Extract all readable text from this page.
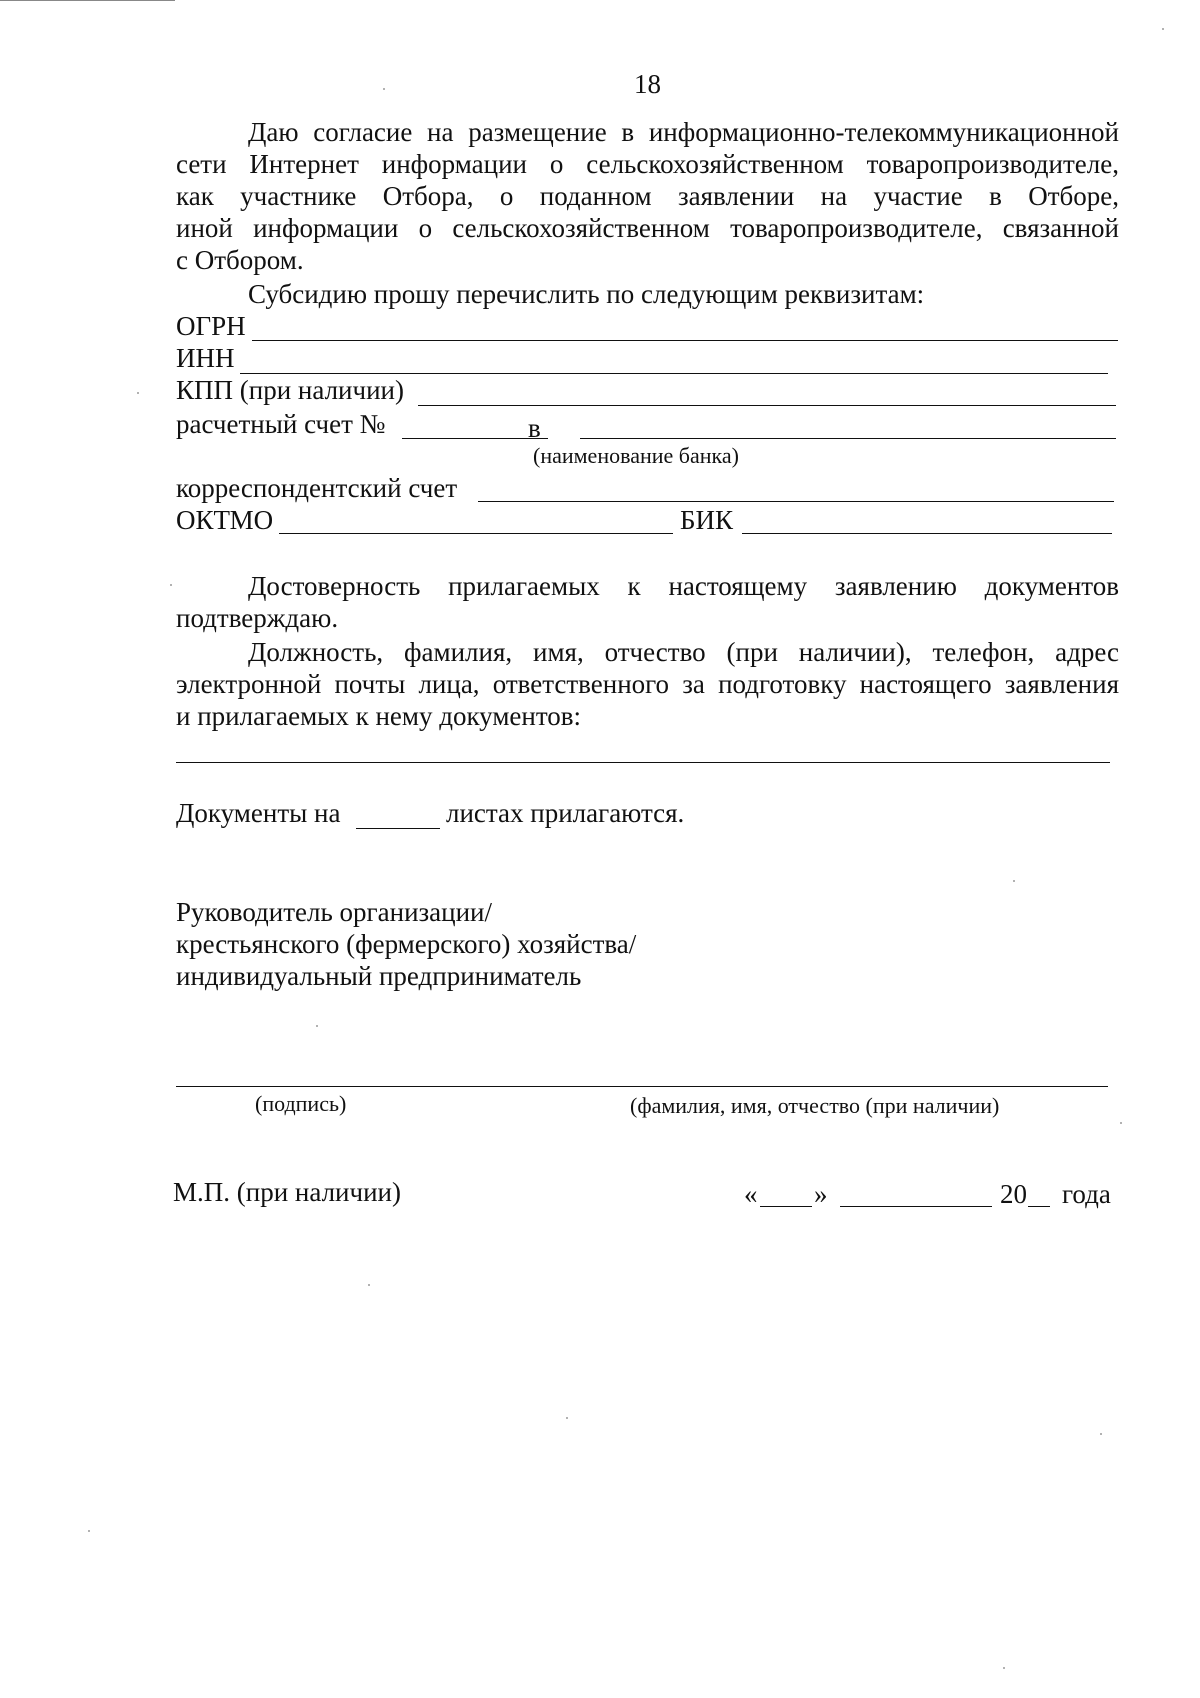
18
Даю согласие на размещение в информационно-телекоммуникационной
сети Интернет информации о сельскохозяйственном товаропроизводителе,
как участнике Отбора, о поданном заявлении на участие в Отборе,
иной информации о сельскохозяйственном товаропроизводителе, связанной
с Отбором.
Субсидию прошу перечислить по следующим реквизитам:
ОГРН
ИНН
КПП (при наличии)
расчетный счет №	в
(наименование банка)
корреспондентский счет
ОКТМО	БИК
Достоверность прилагаемых к настоящему заявлению документов
подтверждаю.
Должность, фамилия, имя, отчество (при наличии), телефон, адрес
электронной почты лица, ответственного за подготовку настоящего заявления
и прилагаемых к нему документов:
Документы на	листах прилагаются.
Руководитель организации/
крестьянского (фермерского) хозяйства/
индивидуальный предприниматель
(подпись)	(фамилия, имя, отчество (при наличии)
М.П. (при наличии)	« »	20 года
